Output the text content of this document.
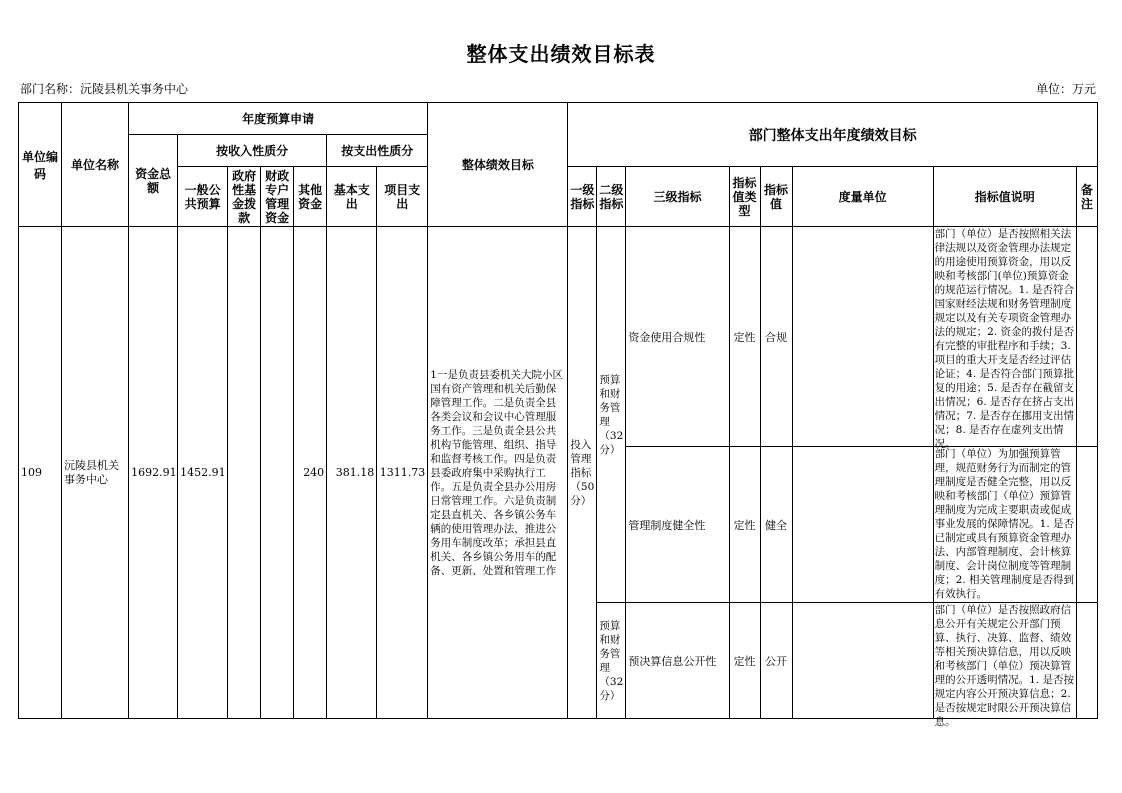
整体支出绩效目标表
部门名称：沅陵县机关事务中心	单位：万元
单位编码	单位名称	年度预算申请							整体绩效目标	部门整体支出年度绩效目标							
		资金总额	按收入性质分				按支出性质分										
			一般公共预算	政府性基金拨款	财政专户管理资金	其他资金	基本支出	项目支出		一级指标	二级指标	三级指标	指标值类型	指标值	度量单位	指标值说明	备注

109	沅陵县机关事务中心	1692.91	1452.91			240	381.18	1311.73	1一是负责县委机关大院小区国有资产管理和机关后勤保障管理工作。二是负责全县各类会议和会议中心管理服务工作。三是负责全县公共机构节能管理、组织、指导和监督考核工作。四是负责县委政府集中采购执行工作。五是负责全县办公用房日常管理工作。六是负责制定县直机关、各乡镇公务车辆的使用管理办法，推进公务用车制度改革；承担县直机关、各乡镇公务用车的配备、更新、处置和管理工作	投入管理指标（50分）	预算和财务管理（32分）	资金使用合规性	定性	合规		部门（单位）是否按照相关法律法规以及资金管理办法规定的用途使用预算资金，用以反映和考核部门(单位)预算资金的规范运行情况。1. 是否符合国家财经法规和财务管理制度规定以及有关专项资金管理办法的规定；2. 资金的拨付是否有完整的审批程序和手续；3. 项目的重大开支是否经过评估论证；4. 是否符合部门预算批复的用途；5. 是否存在截留支出情况；6. 是否存在挤占支出情况；7. 是否存在挪用支出情况；8. 是否存在虚列支出情况。	

												管理制度健全性	定性	健全		部门（单位）为加强预算管理，规范财务行为而制定的管理制度是否健全完整，用以反映和考核部门（单位）预算管理制度为完成主要职责或促成事业发展的保障情况。1. 是否已制定或具有预算资金管理办法、内部管理制度、会计核算制度、会计岗位制度等管理制度；2. 相关管理制度是否得到有效执行。	

											预算和财务管理（32分）	预决算信息公开性	定性	公开		部门（单位）是否按照政府信息公开有关规定公开部门预算、执行、决算、监督、绩效等相关预决算信息，用以反映和考核部门（单位）预决算管理的公开透明情况。1. 是否按规定内容公开预决算信息；2. 是否按规定时限公开预决算信息。	
